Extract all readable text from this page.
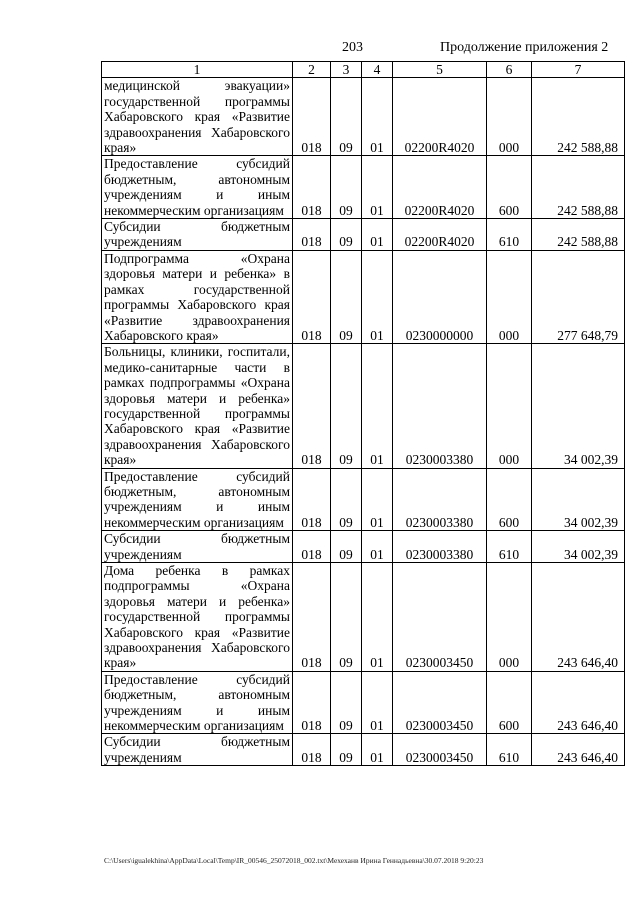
203	Продолжение приложения 2
1	2	3	4	5	6	7
медицинской эвакуации» государственной программы Хабаровского края «Развитие здравоохранения Хабаровского края»	018	09	01	02200R4020	000	242 588,88
Предоставление субсидий бюджетным, автономным учреждениям и иным некоммерческим организациям	018	09	01	02200R4020	600	242 588,88
Субсидии бюджетным учреждениям	018	09	01	02200R4020	610	242 588,88
Подпрограмма «Охрана здоровья матери и ребенка» в рамках государственной программы Хабаровского края «Развитие здравоохранения Хабаровского края»	018	09	01	0230000000	000	277 648,79
Больницы, клиники, госпитали, медико-санитарные части в рамках подпрограммы «Охрана здоровья матери и ребенка» государственной программы Хабаровского края «Развитие здравоохранения Хабаровского края»	018	09	01	0230003380	000	34 002,39
Предоставление субсидий бюджетным, автономным учреждениям и иным некоммерческим организациям	018	09	01	0230003380	600	34 002,39
Субсидии бюджетным учреждениям	018	09	01	0230003380	610	34 002,39
Дома ребенка в рамках подпрограммы «Охрана здоровья матери и ребенка» государственной программы Хабаровского края «Развитие здравоохранения Хабаровского края»	018	09	01	0230003450	000	243 646,40
Предоставление субсидий бюджетным, автономным учреждениям и иным некоммерческим организациям	018	09	01	0230003450	600	243 646,40
Субсидии бюджетным учреждениям	018	09	01	0230003450	610	243 646,40
C:\Users\igualekhina\AppData\Local\Temp\IR_00546_25072018_002.txt\Мехеханв Ирина Геннадьевна\30.07.2018 9:20:23
